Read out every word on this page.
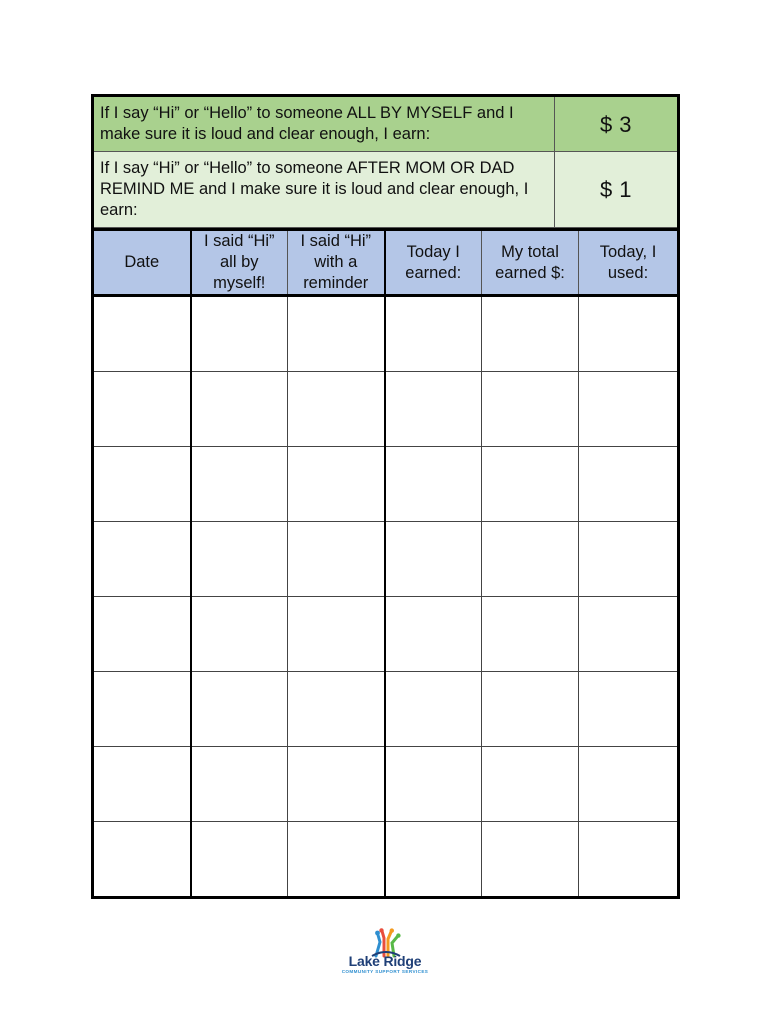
If I say “Hi” or “Hello” to someone ALL BY MYSELF and I make sure it is loud and clear enough, I earn:	$ 3
If I say “Hi” or “Hello” to someone AFTER MOM OR DAD REMIND ME and I make sure it is loud and clear enough, I earn:	$ 1
Date	I said “Hi” all by myself!	I said “Hi” with a reminder	Today I earned:	My total earned $:	Today, I used:

Lake Ridge
COMMUNITY SUPPORT SERVICES
